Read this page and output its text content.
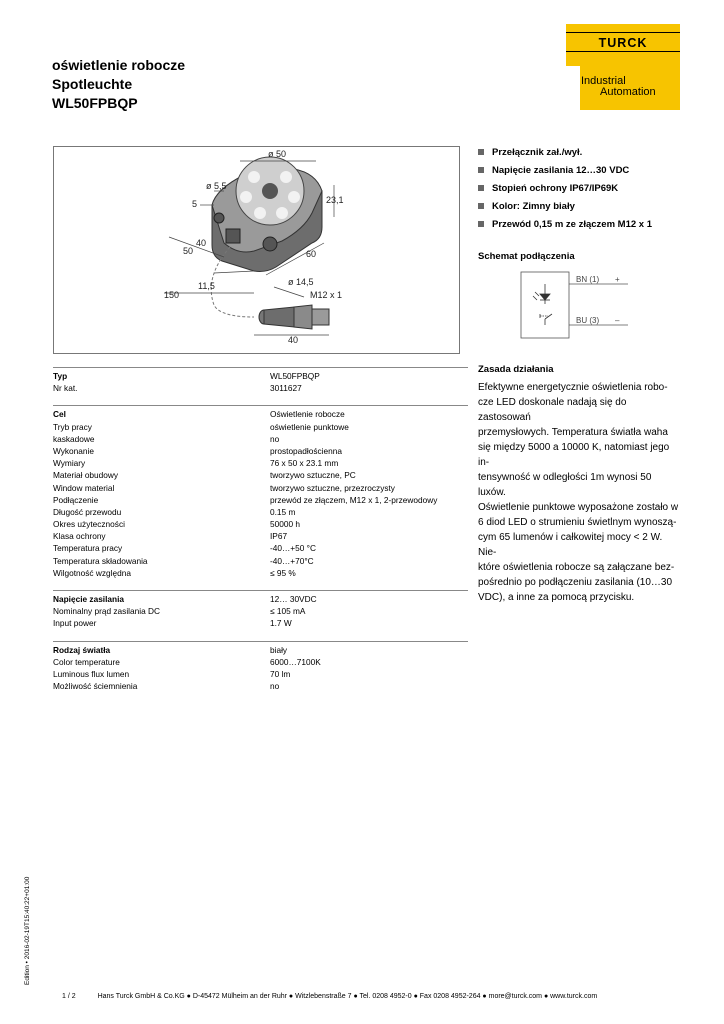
oświetlenie robocze
Spotleuchte
WL50FPBQP
TURCK
Industrial
Automation
ø 50
ø 5,5
5	23,1
40
50	60
11,5	ø 14,5
M12 x 1
150
40
Przełącznik zał./wył.
Napięcie zasilania 12…30 VDC
Stopień ochrony IP67/IP69K
Kolor: Zimny biały
Przewód 0,15 m ze złączem M12 x 1
Schemat podłączenia
BN (1) +
BU (3) –
Typ	WL50FPBQP
Nr kat.	3011627
Cel	Oświetlenie robocze
Tryb pracy	oświetlenie punktowe
kaskadowe	no
Wykonanie	prostopadłościenna
Wymiary	76 x 50 x 23.1 mm
Materiał obudowy	tworzywo sztuczne, PC
Window material	tworzywo sztuczne, przezroczysty
Podłączenie	przewód ze złączem, M12 x 1, 2-przewodowy
Długość przewodu	0.15 m
Okres użyteczności	50000 h
Klasa ochrony	IP67
Temperatura pracy	-40…+50 °C
Temperatura składowania	-40…+70°C
Wilgotność względna	≤ 95 %
Napięcie zasilania	12… 30VDC
Nominalny prąd zasilania DC	≤ 105 mA
Input power	1.7 W
Rodzaj światła	biały
Color temperature	6000…7100K
Luminous flux lumen	70 lm
Możliwość ściemnienia	no
Zasada działania
Efektywne energetycznie oświetlenia robo-
cze LED doskonale nadają się do zastosowań
przemysłowych. Temperatura światła waha
się między 5000 a 10000 K, natomiast jego in-
tensywność w odległości 1m wynosi 50 luxów.
Oświetlenie punktowe wyposażone zostało w
6 diod LED o strumieniu świetlnym wynoszą-
cym 65 lumenów i całkowitej mocy < 2 W. Nie-
które oświetlenia robocze są załączane bez-
pośrednio po podłączeniu zasilania (10…30
VDC), a inne za pomocą przycisku.
Edition • 2016-02-19T15:40:22+01:00
1 / 2	Hans Turck GmbH & Co.KG ● D-45472 Mülheim an der Ruhr ● Witzlebenstraße 7 ● Tel. 0208 4952-0 ● Fax 0208 4952-264 ● more@turck.com ● www.turck.com
